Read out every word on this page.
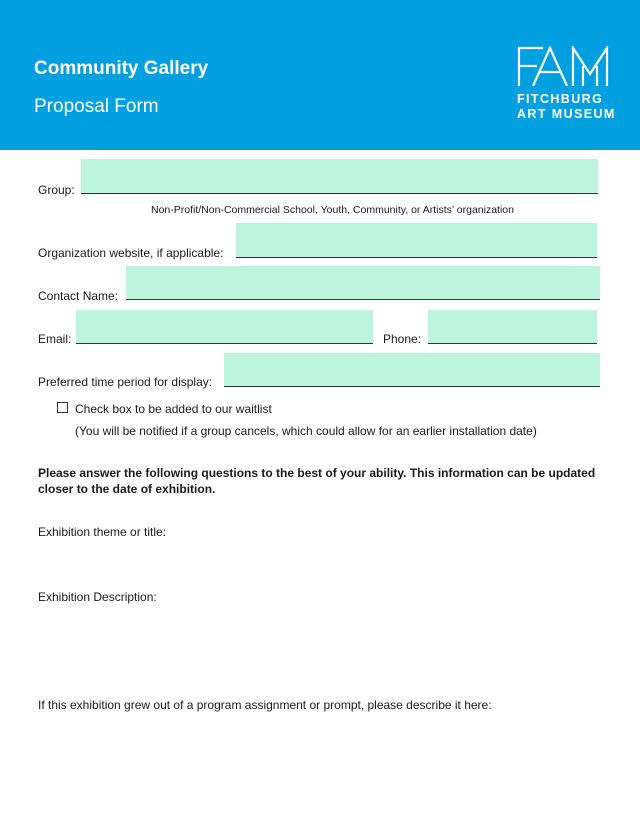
Community Gallery
Proposal Form	FITCHBURG
ART MUSEUM
Group:
Non-Profit/Non-Commercial School, Youth, Community, or Artists’ organization
Organization website, if applicable:
Contact Name:
Email:	Phone:
Preferred time period for display:
Check box to be added to our waitlist
(You will be notified if a group cancels, which could allow for an earlier installation date)
Please answer the following questions to the best of your ability. This information can be updated closer to the date of exhibition.
Exhibition theme or title:
Exhibition Description:
If this exhibition grew out of a program assignment or prompt, please describe it here:
